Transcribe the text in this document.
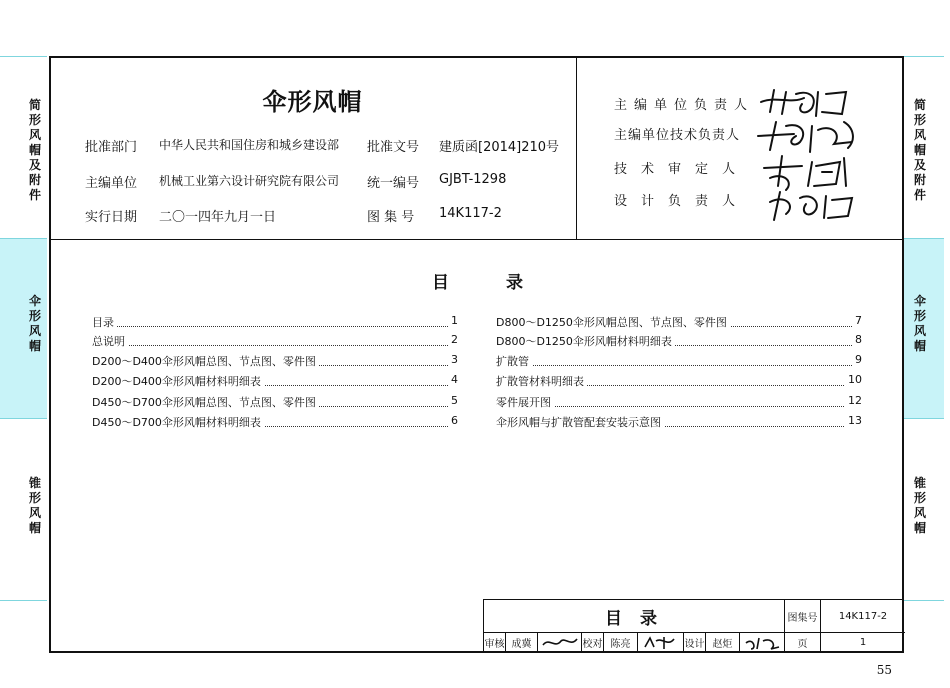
简形风帽及附件
伞形风帽
锥形风帽
简形风帽及附件
伞形风帽
锥形风帽
伞形风帽
批准部门 中华人民共和国住房和城乡建设部 批准文号 建质函[2014]210号
主编单位 机械工业第六设计研究院有限公司 统一编号 GJBT-1298
实行日期 二〇一四年九月一日	图 集 号 14K117-2
主编单位负责人
主编单位技术负责人
技术审定人
设计负责人
目	录
目录	1
总说明	2
D200～D400伞形风帽总图、节点图、零件图	3
D200～D400伞形风帽材料明细表	4
D450～D700伞形风帽总图、节点图、零件图	5
D450～D700伞形风帽材料明细表	6
D800～D1250伞形风帽总图、节点图、零件图	7
D800～D1250伞形风帽材料明细表	8
扩散管	9
扩散管材料明细表	10
零件展开图	12
伞形风帽与扩散管配套安装示意图	13
目 录	图集号	14K117-2
审核 成冀	校对 陈亮	设计 赵炬	页	1
55
